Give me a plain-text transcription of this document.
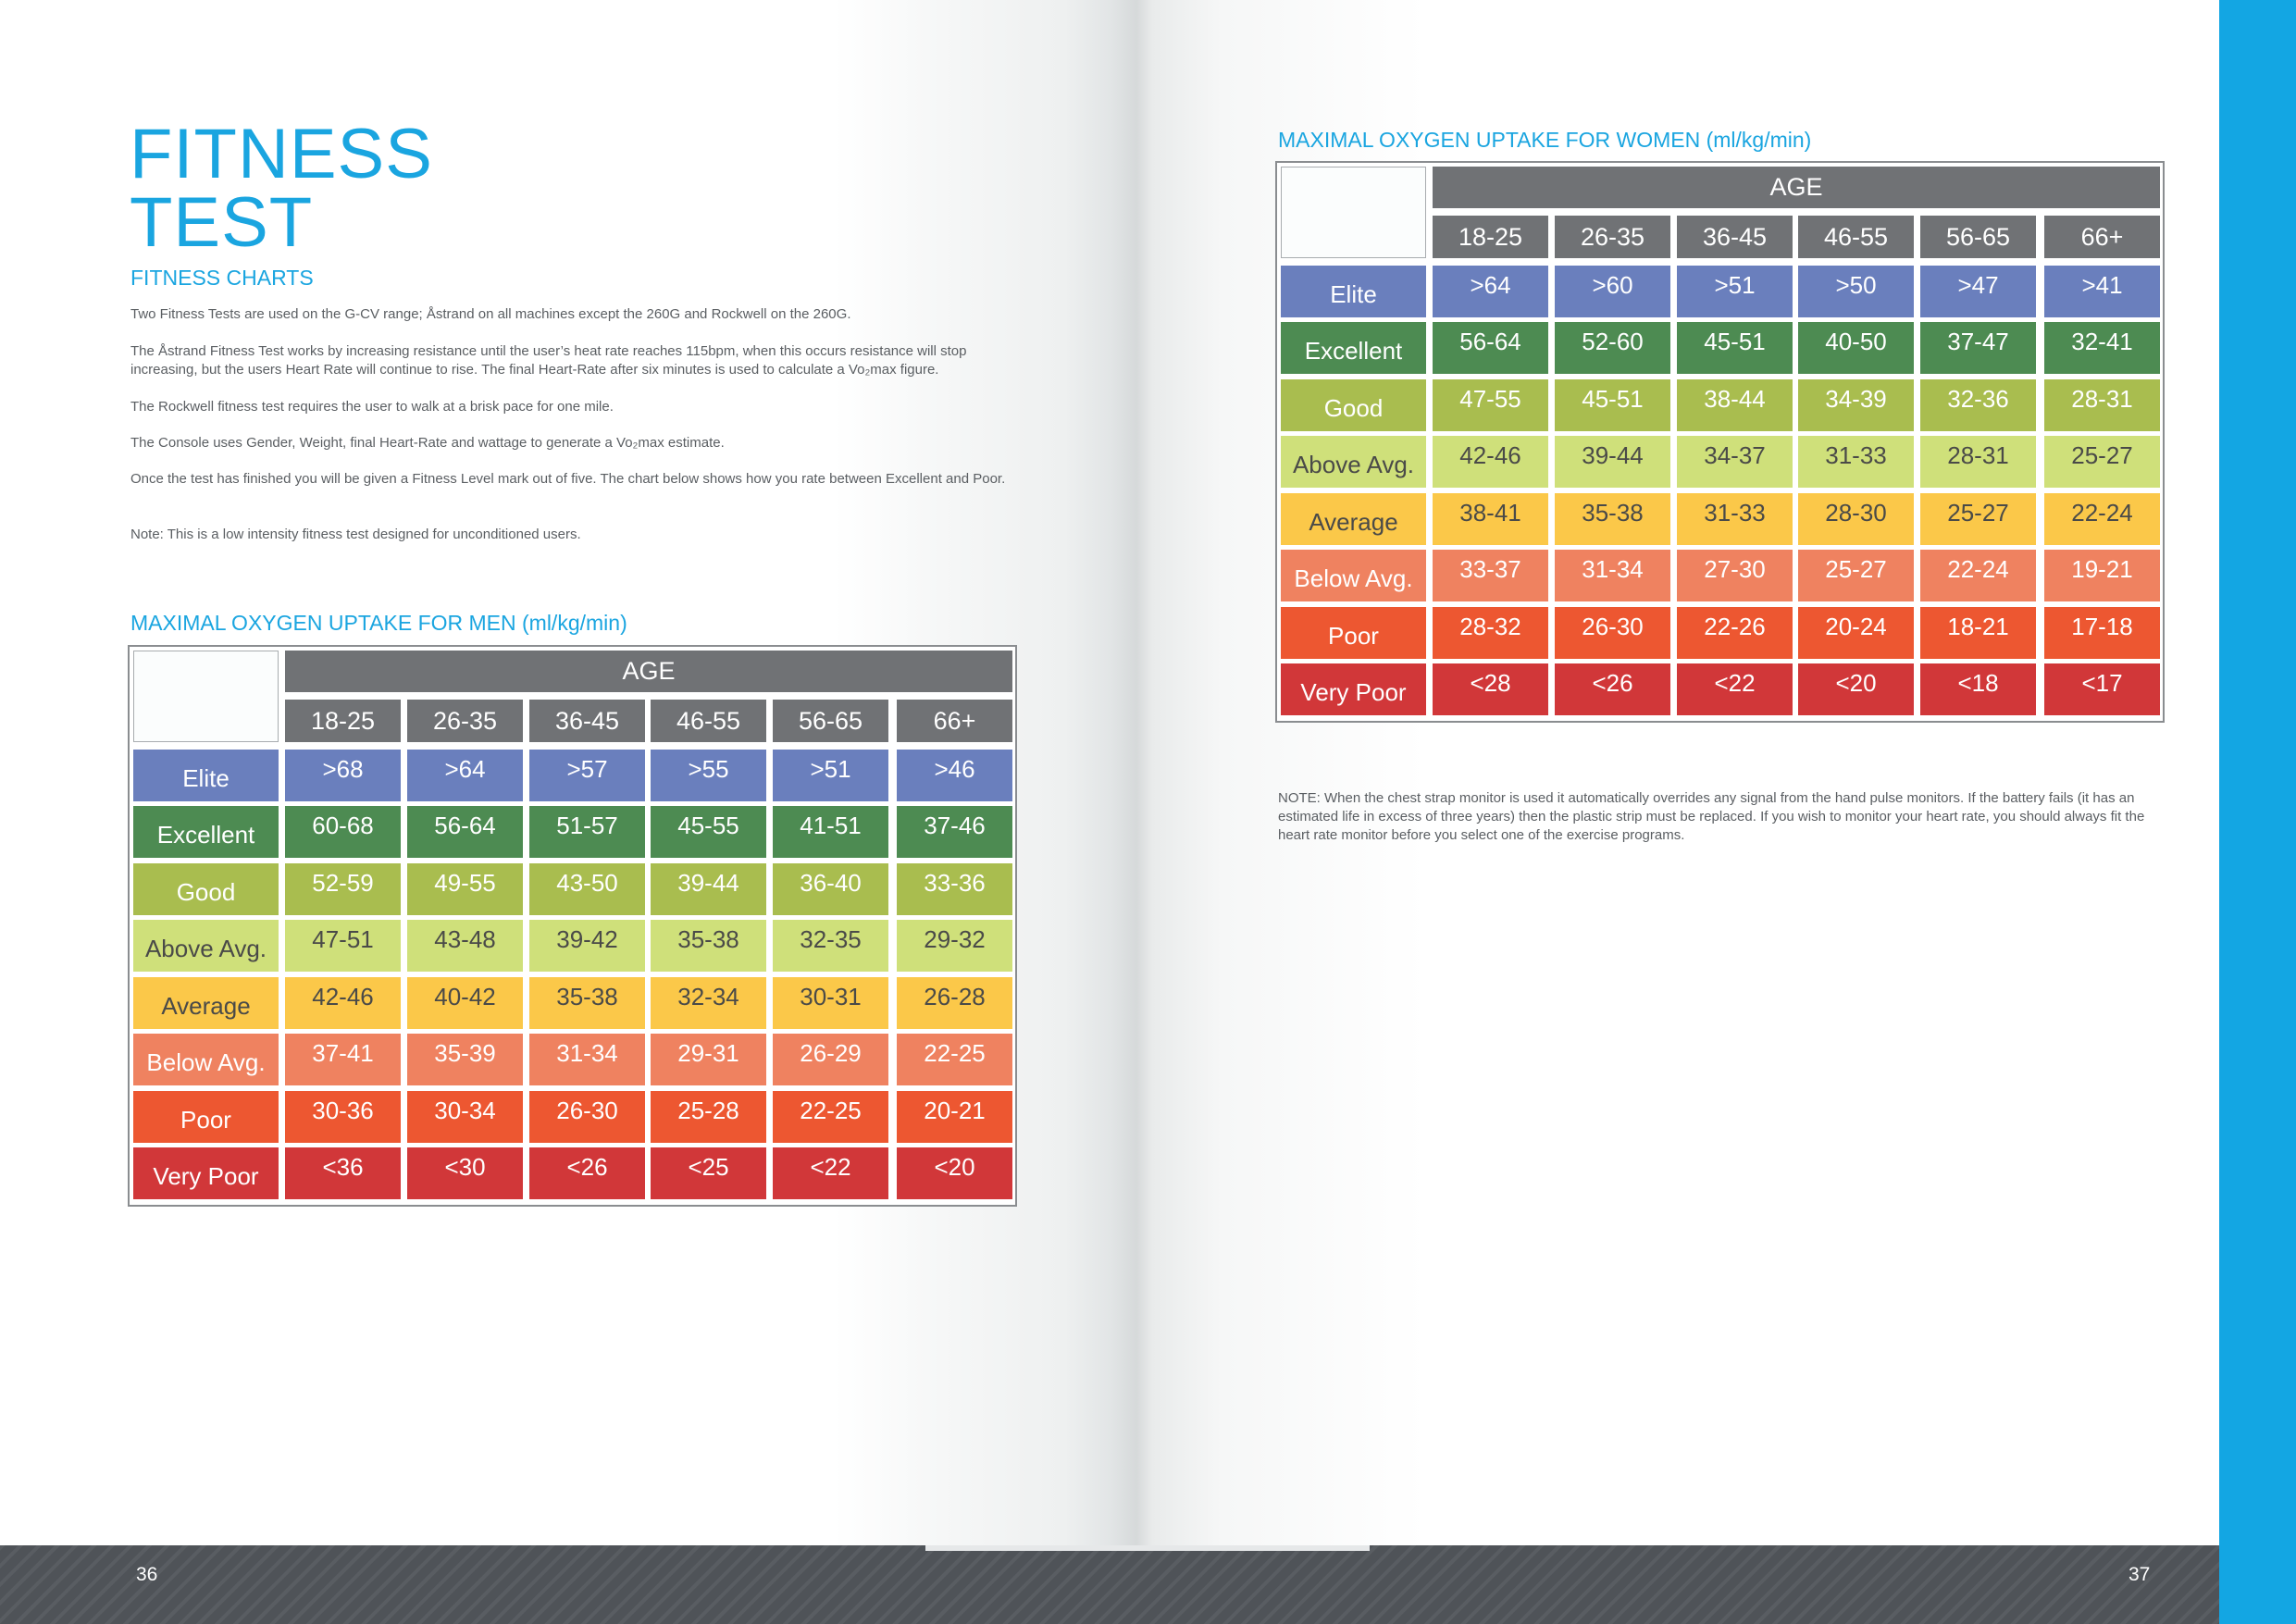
FITNESS
TEST
FITNESS CHARTS

Two Fitness Tests are used on the G-CV range; Åstrand on all machines except the 260G and Rockwell on the 260G.

The Åstrand Fitness Test works by increasing resistance until the user’s heat rate reaches 115bpm, when this occurs resistance will stop increasing, but the users Heart Rate will continue to rise. The final Heart-Rate after six minutes is used to calculate a Vo₂max figure.

The Rockwell fitness test requires the user to walk at a brisk pace for one mile.

The Console uses Gender, Weight, final Heart-Rate and wattage to generate a Vo₂max estimate.

Once the test has finished you will be given a Fitness Level mark out of five. The chart below shows how you rate between Excellent and Poor.

Note: This is a low intensity fitness test designed for unconditioned users.

MAXIMAL OXYGEN UPTAKE FOR MEN (ml/kg/min)
AGE
18-25	26-35	36-45	46-55	56-65	66+
Elite	>68	>64	>57	>55	>51	>46
Excellent	60-68	56-64	51-57	45-55	41-51	37-46
Good	52-59	49-55	43-50	39-44	36-40	33-36
Above Avg.	47-51	43-48	39-42	35-38	32-35	29-32
Average	42-46	40-42	35-38	32-34	30-31	26-28
Below Avg.	37-41	35-39	31-34	29-31	26-29	22-25
Poor	30-36	30-34	26-30	25-28	22-25	20-21
Very Poor	<36	<30	<26	<25	<22	<20
MAXIMAL OXYGEN UPTAKE FOR WOMEN (ml/kg/min)
AGE
18-25	26-35	36-45	46-55	56-65	66+
Elite	>64	>60	>51	>50	>47	>41
Excellent	56-64	52-60	45-51	40-50	37-47	32-41
Good	47-55	45-51	38-44	34-39	32-36	28-31
Above Avg.	42-46	39-44	34-37	31-33	28-31	25-27
Average	38-41	35-38	31-33	28-30	25-27	22-24
Below Avg.	33-37	31-34	27-30	25-27	22-24	19-21
Poor	28-32	26-30	22-26	20-24	18-21	17-18
Very Poor	<28	<26	<22	<20	<18	<17

NOTE: When the chest strap monitor is used it automatically overrides any signal from the hand pulse monitors. If the battery fails (it has an estimated life in excess of three years) then the plastic strip must be replaced. If you wish to monitor your heart rate, you should always fit the heart rate monitor before you select one of the exercise programs.

36	37
